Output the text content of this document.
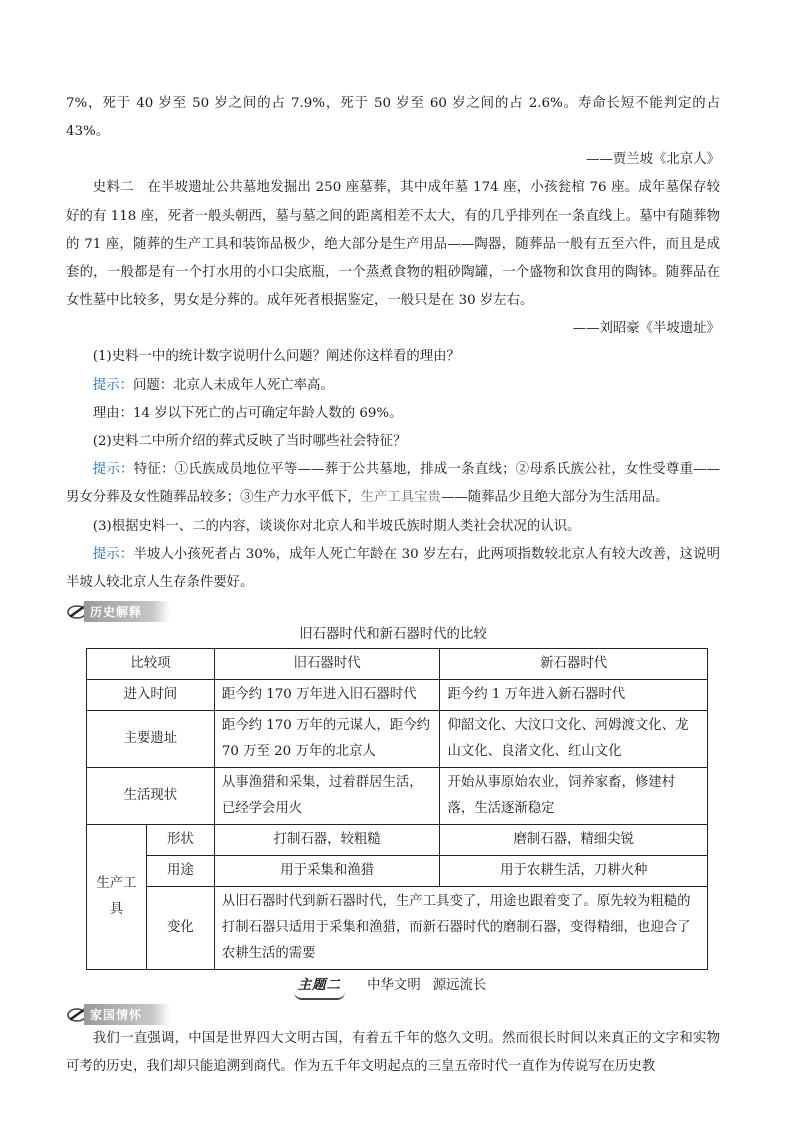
7%，死于 40 岁至 50 岁之间的占 7.9%，死于 50 岁至 60 岁之间的占 2.6%。寿命长短不能判定的占 43%。

——贾兰坡《北京人》

史料二　在半坡遗址公共墓地发掘出 250 座墓葬，其中成年墓 174 座，小孩瓮棺 76 座。成年墓保存较好的有 118 座，死者一般头朝西，墓与墓之间的距离相差不太大，有的几乎排列在一条直线上。墓中有随葬物的 71 座，随葬的生产工具和装饰品极少，绝大部分是生产用品——陶器，随葬品一般有五至六件，而且是成套的，一般都是有一个打水用的小口尖底瓶，一个蒸煮食物的粗砂陶罐，一个盛物和饮食用的陶钵。随葬品在女性墓中比较多，男女是分葬的。成年死者根据鉴定，一般只是在 30 岁左右。

——刘昭豪《半坡遗址》

(1)史料一中的统计数字说明什么问题？阐述你这样看的理由？

提示：问题：北京人未成年人死亡率高。

理由：14 岁以下死亡的占可确定年龄人数的 69%。

(2)史料二中所介绍的葬式反映了当时哪些社会特征？

提示：特征：①氏族成员地位平等——葬于公共墓地，排成一条直线；②母系氏族公社，女性受尊重——男女分葬及女性随葬品较多；③生产力水平低下，生产工具宝贵——随葬品少且绝大部分为生活用品。

(3)根据史料一、二的内容，谈谈你对北京人和半坡氏族时期人类社会状况的认识。

提示：半坡人小孩死者占 30%，成年人死亡年龄在 30 岁左右，此两项指数较北京人有较大改善，这说明半坡人较北京人生存条件要好。

历史解释
旧石器时代和新石器时代的比较
比较项		旧石器时代	新石器时代
进入时间		距今约 170 万年进入旧石器时代	距今约 1 万年进入新石器时代
主要遗址		距今约 170 万年的元谋人，距今约 70 万至 20 万年的北京人	仰韶文化、大汶口文化、河姆渡文化、龙山文化、良渚文化、红山文化
生活现状		从事渔猎和采集，过着群居生活，已经学会用火	开始从事原始农业，饲养家畜，修建村落，生活逐渐稳定
生产工具	形状	打制石器，较粗糙	磨制石器，精细尖锐
	用途	用于采集和渔猎	用于农耕生活，刀耕火种
	变化	从旧石器时代到新石器时代，生产工具变了，用途也跟着变了。原先较为粗糙的打制石器只适用于采集和渔猎，而新石器时代的磨制石器，变得精细，也迎合了农耕生活的需要	
主题二 中华文明 源远流长
家国情怀

我们一直强调，中国是世界四大文明古国，有着五千年的悠久文明。然而很长时间以来真正的文字和实物可考的历史，我们却只能追溯到商代。作为五千年文明起点的三皇五帝时代一直作为传说写在历史教
